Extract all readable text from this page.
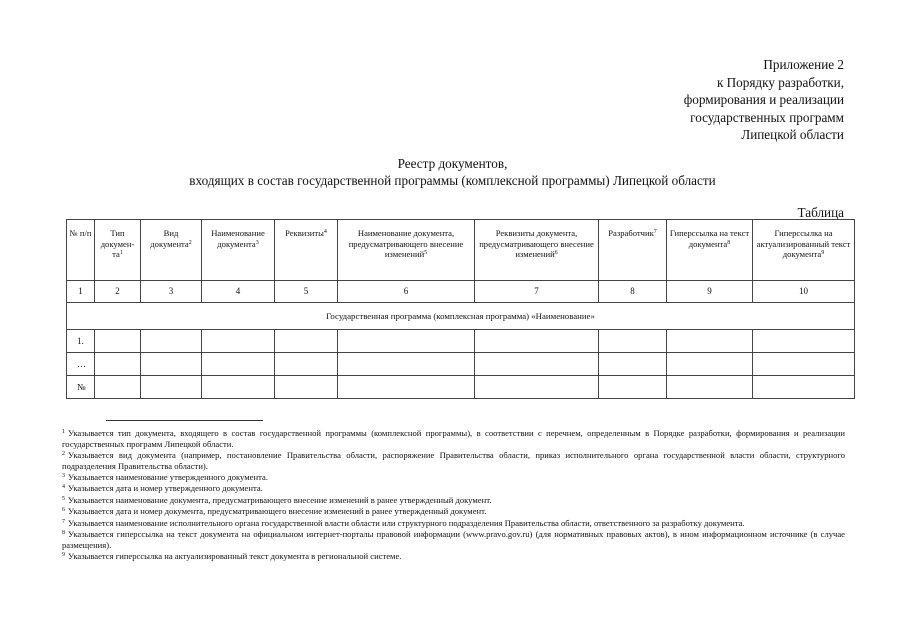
Приложение 2
к Порядку разработки,
формирования и реализации
государственных программ
Липецкой области
Реестр документов,
входящих в состав государственной программы (комплексной программы) Липецкой области
Таблица
№ п/п	Тип докумен-$та^1$	Вид документа$^2$	Наименование документа$^3$	Реквизиты$^4$	Наименование документа, предусматривающего внесение изменений$^5$	Реквизиты документа, предусматривающего внесение изменений$^6$	Разработчик$^7$	Гиперссылка на текст документа$^8$	Гиперссылка на актуализированный текст документа$^9$
1	2	3	4	5	6	7	8	9	10
Государственная программа (комплексная программа) «Наименование»									
1.									
…									
№									

$^1$ Указывается тип документа, входящего в состав государственной программы (комплексной программы), в соответствии с перечнем, определенным в Порядке разработки, формирования и реализации государственных программ Липецкой области.

$^2$ Указывается вид документа (например, постановление Правительства области, распоряжение Правительства области, приказ исполнительного органа государственной власти области, структурного подразделения Правительства области).

$^3$ Указывается наименование утвержденного документа.

$^4$ Указывается дата и номер утвержденного документа.

$^5$ Указывается наименование документа, предусматривающего внесение изменений в ранее утвержденный документ.

$^6$ Указывается дата и номер документа, предусматривающего внесение изменений в ранее утвержденный документ.

$^7$ Указывается наименование исполнительного органа государственной власти области или структурного подразделения Правительства области, ответственного за разработку документа.

$^8$ Указывается гиперссылка на текст документа на официальном интернет-порталы правовой информации (www.pravo.gov.ru) (для нормативных правовых актов), в ином информационном источнике (в случае размещения).

$^9$ Указывается гиперссылка на актуализированный текст документа в региональной системе.
